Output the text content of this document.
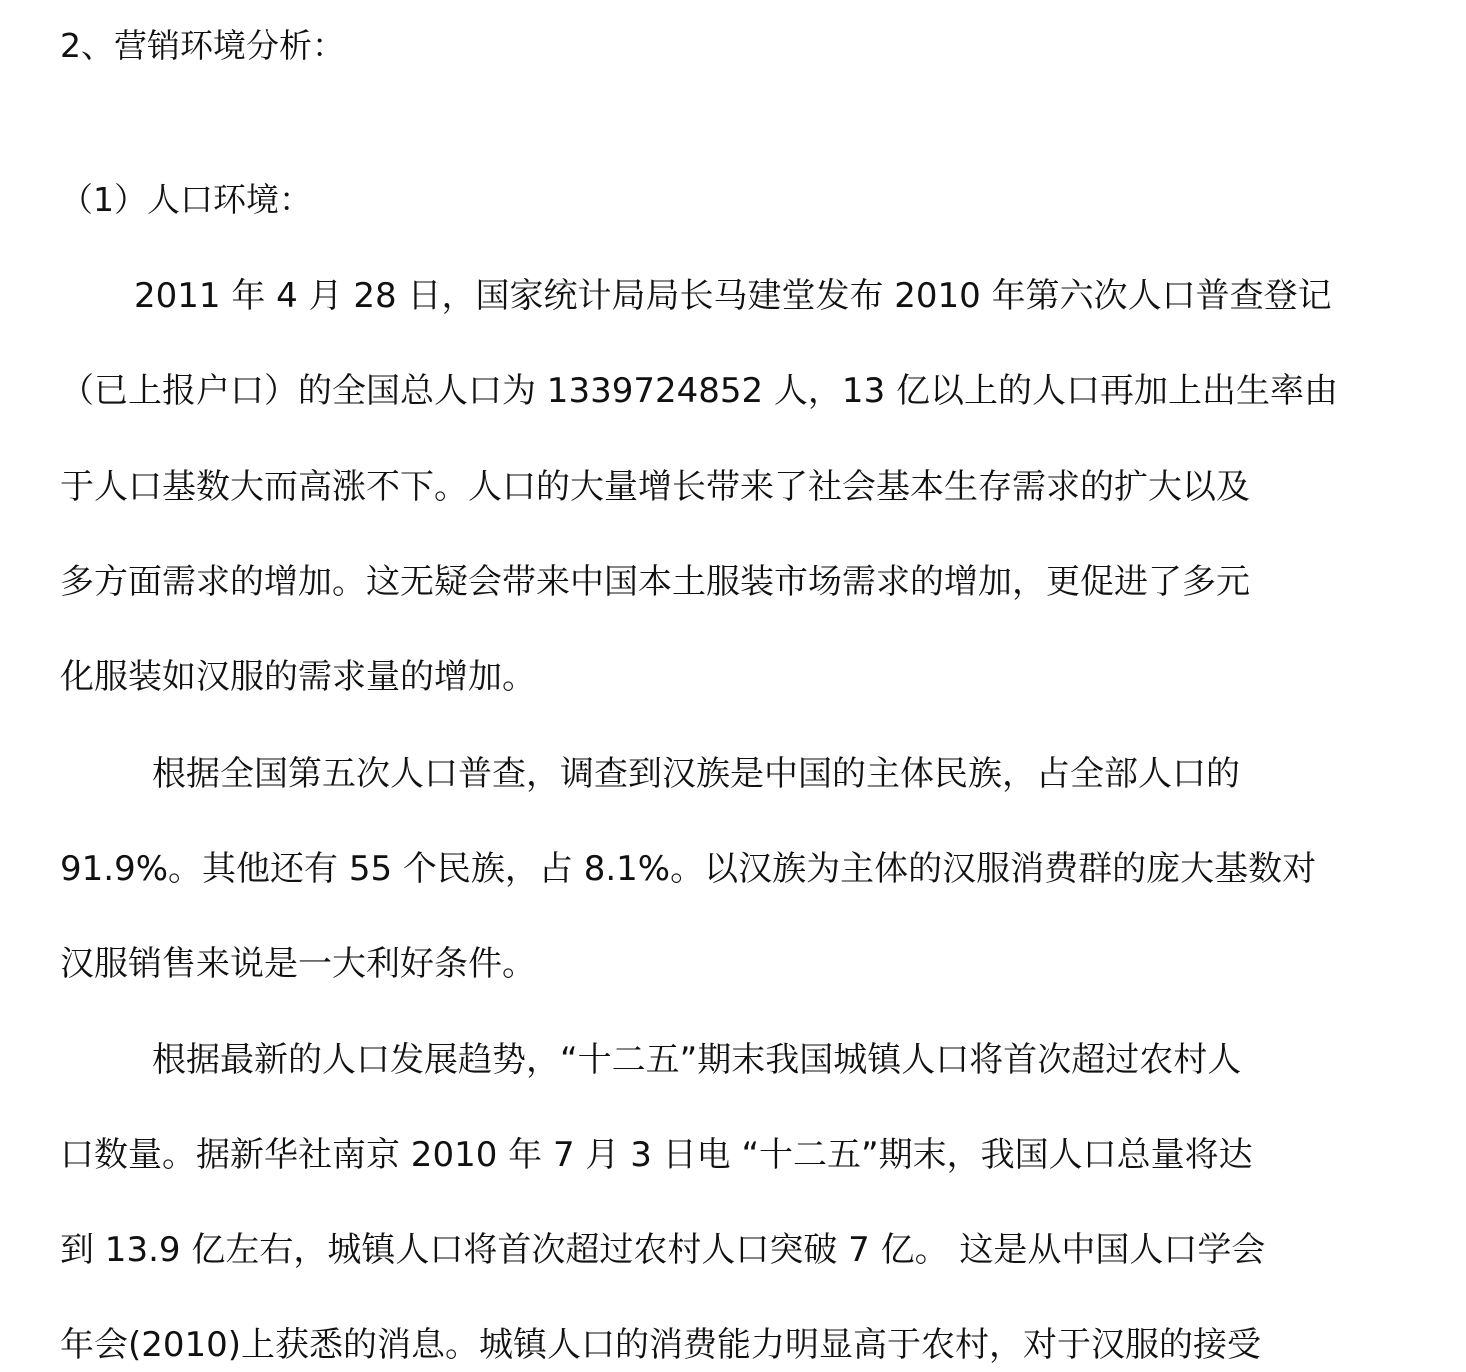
2、营销环境分析：
（1）人口环境：
2011 年 4 月 28 日，国家统计局局长马建堂发布 2010 年第六次人口普查登记
（已上报户口）的全国总人口为 1339724852 人，13 亿以上的人口再加上出生率由
于人口基数大而高涨不下。人口的大量增长带来了社会基本生存需求的扩大以及
多方面需求的增加。这无疑会带来中国本土服装市场需求的增加，更促进了多元
化服装如汉服的需求量的增加。
根据全国第五次人口普查，调查到汉族是中国的主体民族，占全部人口的
91.9%。其他还有 55 个民族，占 8.1%。以汉族为主体的汉服消费群的庞大基数对
汉服销售来说是一大利好条件。
根据最新的人口发展趋势，“十二五”期末我国城镇人口将首次超过农村人
口数量。据新华社南京 2010 年 7 月 3 日电 “十二五”期末，我国人口总量将达
到 13.9 亿左右，城镇人口将首次超过农村人口突破 7 亿。 这是从中国人口学会
年会(2010)上获悉的消息。城镇人口的消费能力明显高于农村，对于汉服的接受
